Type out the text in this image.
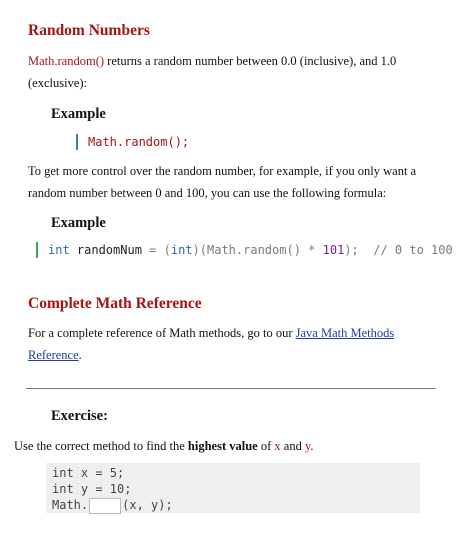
Random Numbers

Math.random() returns a random number between 0.0 (inclusive), and 1.0 (exclusive):

Example
Math.random();

To get more control over the random number, for example, if you only want a random number between 0 and 100, you can use the following formula:

Example
int randomNum = ( int ) (Math.random() * 101 ); // 0 to 100
Complete Math Reference

For a complete reference of Math methods, go to our Java Math Methods
Reference.

Exercise:

Use the correct method to find the highest value of x and y.

int x = 5;
int y = 10;
Math.	(x, y);
